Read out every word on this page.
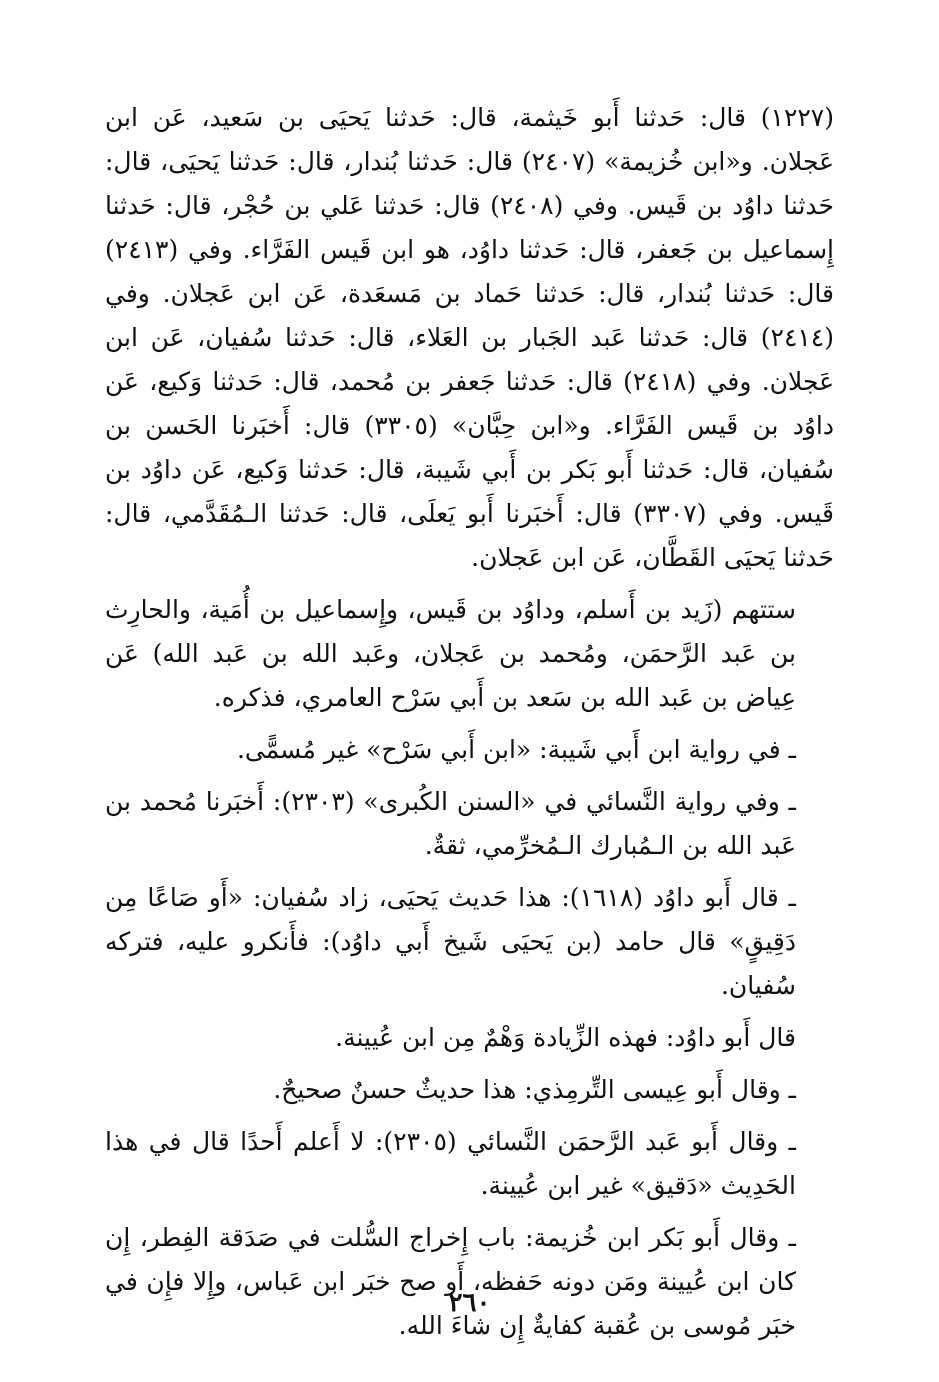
(١٢٢٧) قال: حَدثنا أَبو خَيثمة، قال: حَدثنا يَحيَى بن سَعيد، عَن ابن عَجلان. و«ابن خُزيمة» (٢٤٠٧) قال: حَدثنا بُندار، قال: حَدثنا يَحيَى، قال: حَدثنا داوُد بن قَيس. وفي (٢٤٠٨) قال: حَدثنا عَلي بن حُجْر، قال: حَدثنا إِسماعيل بن جَعفر، قال: حَدثنا داوُد، هو ابن قَيس الفَرَّاء. وفي (٢٤١٣) قال: حَدثنا بُندار، قال: حَدثنا حَماد بن مَسعَدة، عَن ابن عَجلان. وفي (٢٤١٤) قال: حَدثنا عَبد الجَبار بن العَلاء، قال: حَدثنا سُفيان، عَن ابن عَجلان. وفي (٢٤١٨) قال: حَدثنا جَعفر بن مُحمد، قال: حَدثنا وَكيع، عَن داوُد بن قَيس الفَرَّاء. و«ابن حِبَّان» (٣٣٠٥) قال: أَخبَرنا الحَسن بن سُفيان، قال: حَدثنا أَبو بَكر بن أَبي شَيبة، قال: حَدثنا وَكيع، عَن داوُد بن قَيس. وفي (٣٣٠٧) قال: أَخبَرنا أَبو يَعلَى، قال: حَدثنا الـمُقَدَّمي، قال: حَدثنا يَحيَى القَطَّان، عَن ابن عَجلان.

ستتهم (زَيد بن أَسلم، وداوُد بن قَيس، وإِسماعيل بن أُمَية، والحارِث بن عَبد الرَّحمَن، ومُحمد بن عَجلان، وعَبد الله بن عَبد الله) عَن عِياض بن عَبد الله بن سَعد بن أَبي سَرْح العامري، فذكره.

ـ في رواية ابن أَبي شَيبة: «ابن أَبي سَرْح» غير مُسمًّى.

ـ وفي رواية النَّسائي في «السنن الكُبرى» (٢٣٠٣): أَخبَرنا مُحمد بن عَبد الله بن الـمُبارك الـمُخرِّمي، ثقةٌ.

ـ قال أَبو داوُد (١٦١٨): هذا حَديث يَحيَى، زاد سُفيان: «أَو صَاعًا مِن دَقِيقٍ» قال حامد (بن يَحيَى شَيخ أَبي داوُد): فأَنكرو عليه، فتركه سُفيان.

قال أَبو داوُد: فهذه الزِّيادة وَهْمٌ مِن ابن عُيينة.

ـ وقال أَبو عِيسى التِّرمِذي: هذا حديثٌ حسنٌ صحيحٌ.

ـ وقال أَبو عَبد الرَّحمَن النَّسائي (٢٣٠٥): لا أَعلم أَحدًا قال في هذا الحَدِيث «دَقيق» غير ابن عُيينة.

ـ وقال أَبو بَكر ابن خُزيمة: باب إِخراج السُّلت في صَدَقة الفِطر، إِن كان ابن عُيينة ومَن دونه حَفظه، أَو صح خبَر ابن عَباس، وإِلا فإِن في خبَر مُوسى بن عُقبة كفايةٌ إِن شاءَ الله.

٢٦٠
